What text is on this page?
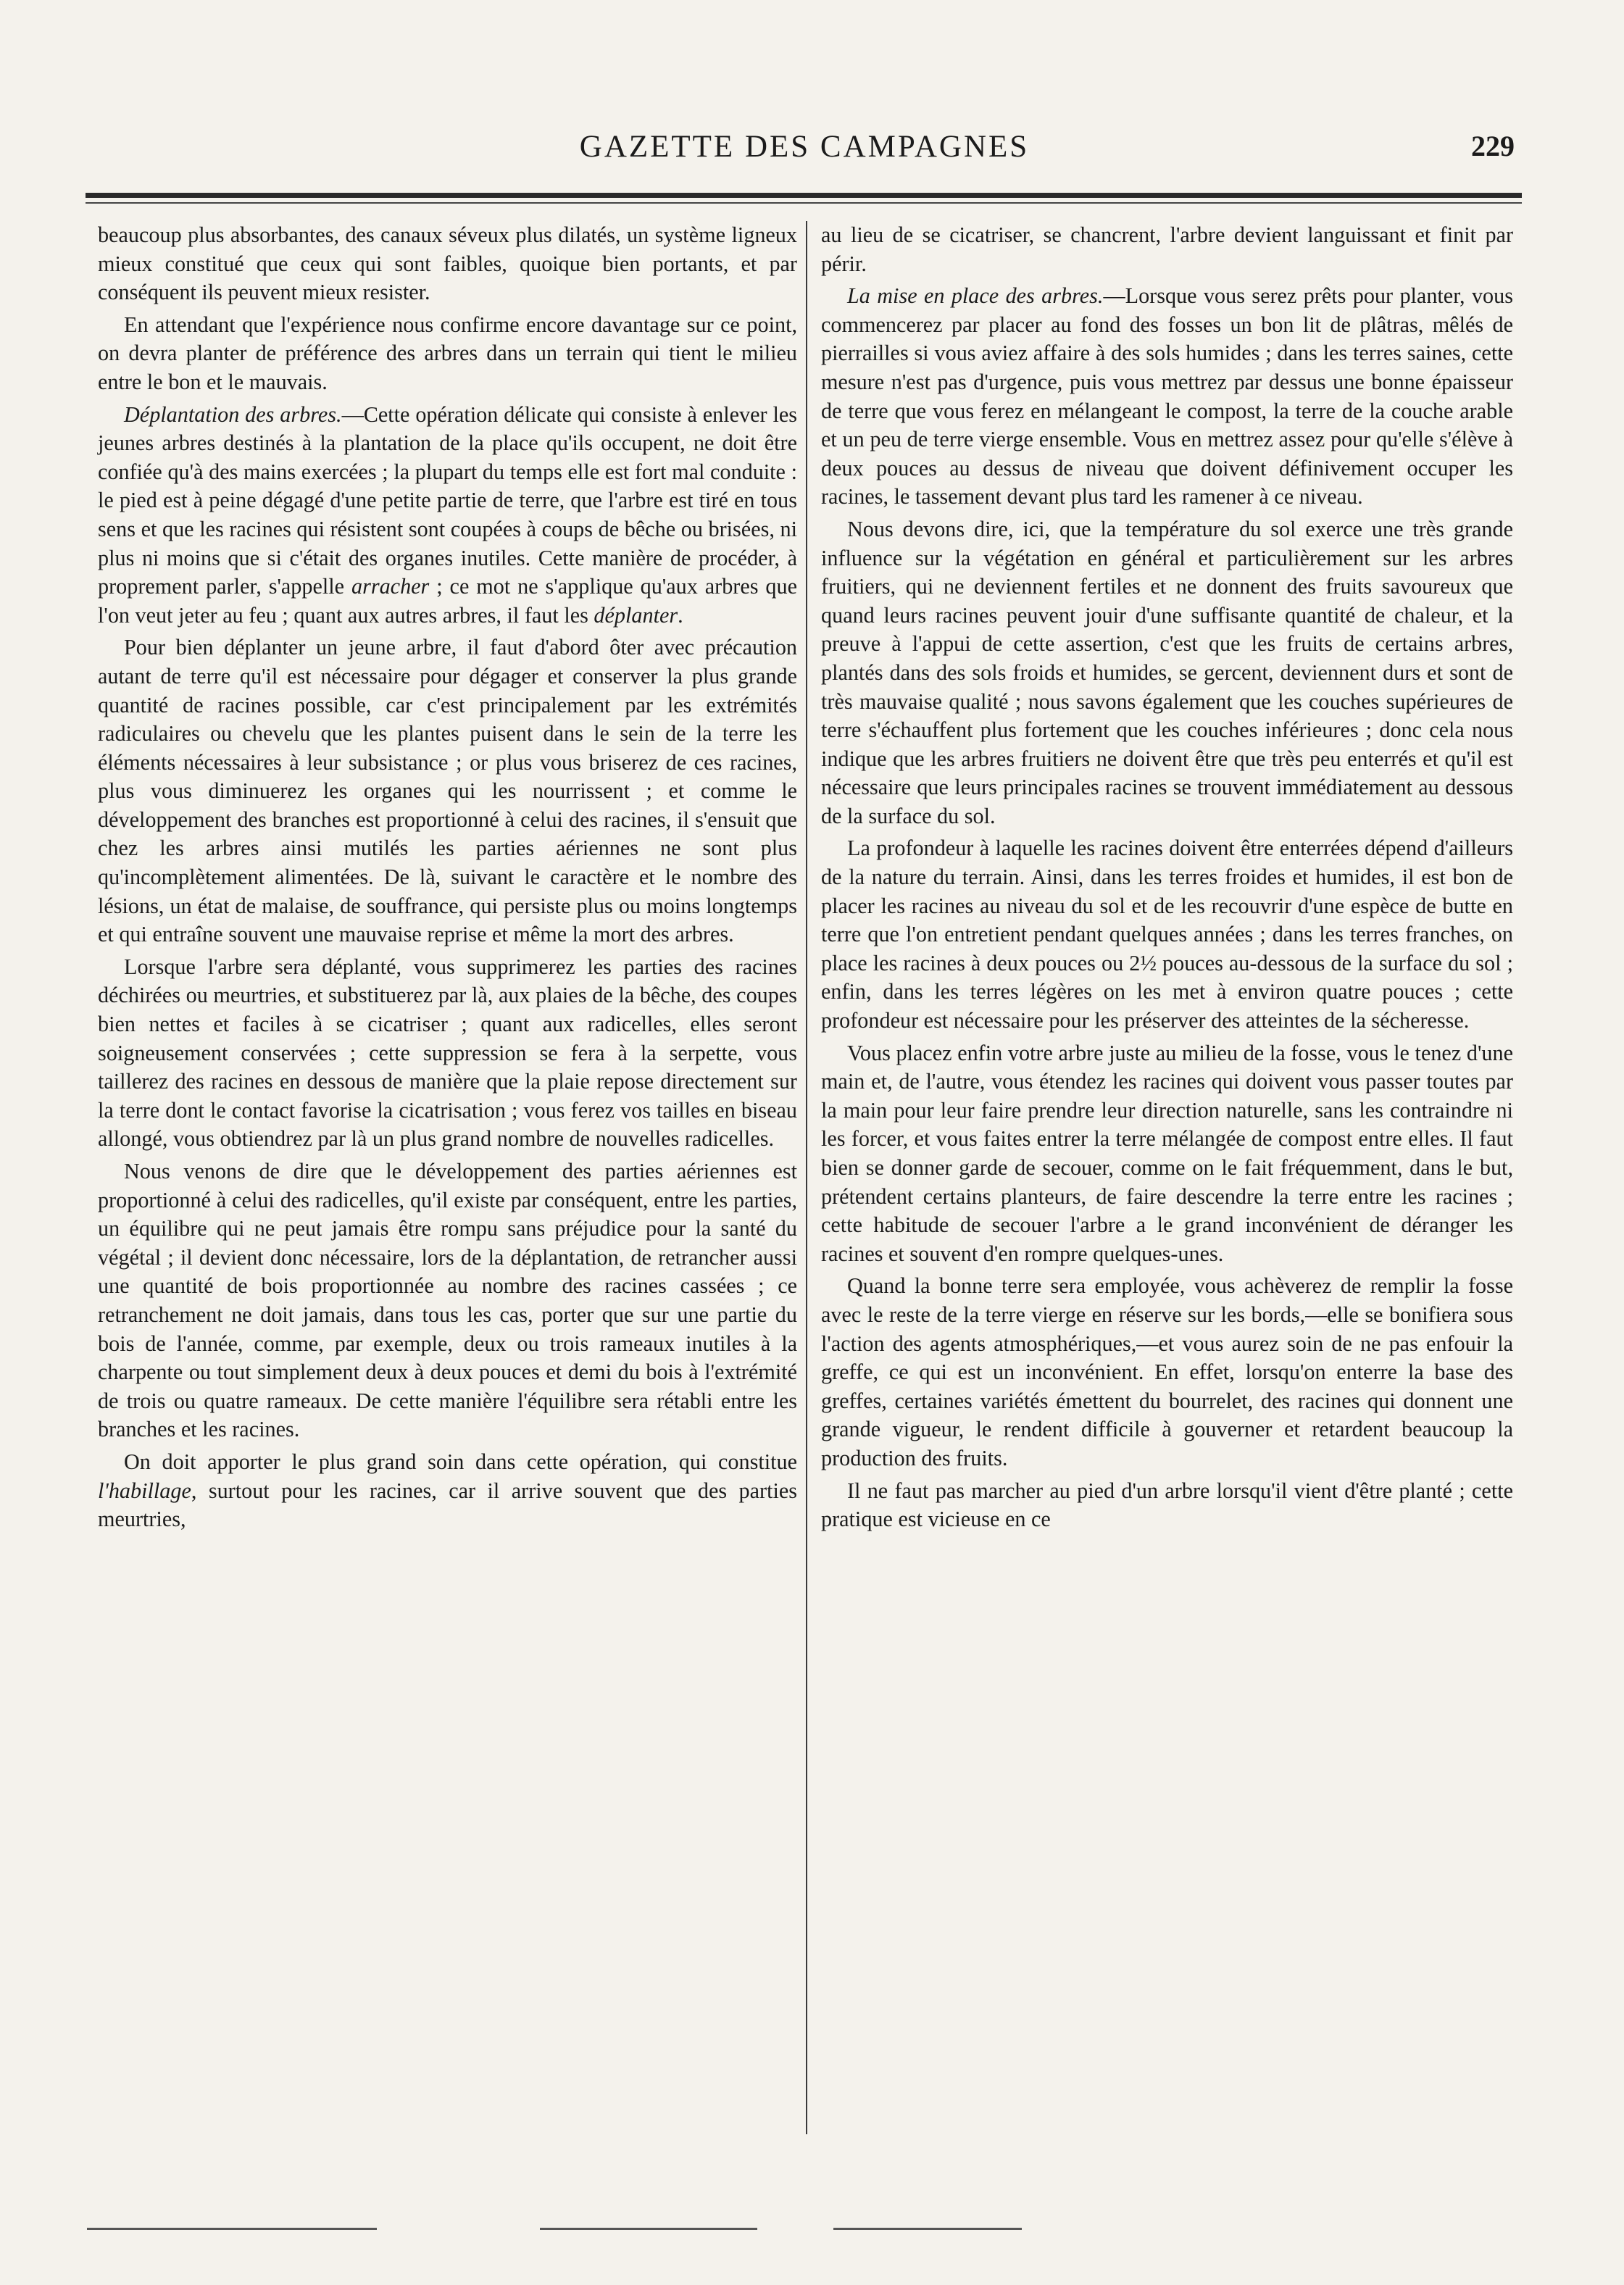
GAZETTE DES CAMPAGNES	229

beaucoup plus absorbantes, des canaux séveux plus dilatés, un système ligneux mieux constitué que ceux qui sont faibles, quoique bien portants, et par conséquent ils peuvent mieux resister.

En attendant que l'expérience nous confirme encore davantage sur ce point, on devra planter de préférence des arbres dans un terrain qui tient le milieu entre le bon et le mauvais.

Déplantation des arbres.—Cette opération délicate qui consiste à enlever les jeunes arbres destinés à la plantation de la place qu'ils occupent, ne doit être confiée qu'à des mains exercées ; la plupart du temps elle est fort mal conduite : le pied est à peine dégagé d'une petite partie de terre, que l'arbre est tiré en tous sens et que les racines qui résistent sont coupées à coups de bêche ou brisées, ni plus ni moins que si c'était des organes inutiles. Cette manière de procéder, à proprement parler, s'appelle arracher ; ce mot ne s'applique qu'aux arbres que l'on veut jeter au feu ; quant aux autres arbres, il faut les déplanter.

Pour bien déplanter un jeune arbre, il faut d'abord ôter avec précaution autant de terre qu'il est nécessaire pour dégager et conserver la plus grande quantité de racines possible, car c'est principalement par les extrémités radiculaires ou chevelu que les plantes puisent dans le sein de la terre les éléments nécessaires à leur subsistance ; or plus vous briserez de ces racines, plus vous diminuerez les organes qui les nourrissent ; et comme le développement des branches est proportionné à celui des racines, il s'ensuit que chez les arbres ainsi mutilés les parties aériennes ne sont plus qu'incomplètement alimentées. De là, suivant le caractère et le nombre des lésions, un état de malaise, de souffrance, qui persiste plus ou moins longtemps et qui entraîne souvent une mauvaise reprise et même la mort des arbres.

Lorsque l'arbre sera déplanté, vous supprimerez les parties des racines déchirées ou meurtries, et substituerez par là, aux plaies de la bêche, des coupes bien nettes et faciles à se cicatriser ; quant aux radicelles, elles seront soigneusement conservées ; cette suppression se fera à la serpette, vous taillerez des racines en dessous de manière que la plaie repose directement sur la terre dont le contact favorise la cicatrisation ; vous ferez vos tailles en biseau allongé, vous obtiendrez par là un plus grand nombre de nouvelles radicelles.

Nous venons de dire que le développement des parties aériennes est proportionné à celui des radicelles, qu'il existe par conséquent, entre les parties, un équilibre qui ne peut jamais être rompu sans préjudice pour la santé du végétal ; il devient donc nécessaire, lors de la déplantation, de retrancher aussi une quantité de bois proportionnée au nombre des racines cassées ; ce retranchement ne doit jamais, dans tous les cas, porter que sur une partie du bois de l'année, comme, par exemple, deux ou trois rameaux inutiles à la charpente ou tout simplement deux à deux pouces et demi du bois à l'extrémité de trois ou quatre rameaux. De cette manière l'équilibre sera rétabli entre les branches et les racines.

On doit apporter le plus grand soin dans cette opération, qui constitue l'habillage, surtout pour les racines, car il arrive souvent que des parties meurtries,

au lieu de se cicatriser, se chancrent, l'arbre devient languissant et finit par périr.

La mise en place des arbres.—Lorsque vous serez prêts pour planter, vous commencerez par placer au fond des fosses un bon lit de plâtras, mêlés de pierrailles si vous aviez affaire à des sols humides ; dans les terres saines, cette mesure n'est pas d'urgence, puis vous mettrez par dessus une bonne épaisseur de terre que vous ferez en mélangeant le compost, la terre de la couche arable et un peu de terre vierge ensemble. Vous en mettrez assez pour qu'elle s'élève à deux pouces au dessus de niveau que doivent définivement occuper les racines, le tassement devant plus tard les ramener à ce niveau.

Nous devons dire, ici, que la température du sol exerce une très grande influence sur la végétation en général et particulièrement sur les arbres fruitiers, qui ne deviennent fertiles et ne donnent des fruits savoureux que quand leurs racines peuvent jouir d'une suffisante quantité de chaleur, et la preuve à l'appui de cette assertion, c'est que les fruits de certains arbres, plantés dans des sols froids et humides, se gercent, deviennent durs et sont de très mauvaise qualité ; nous savons également que les couches supérieures de terre s'échauffent plus fortement que les couches inférieures ; donc cela nous indique que les arbres fruitiers ne doivent être que très peu enterrés et qu'il est nécessaire que leurs principales racines se trouvent immédiatement au dessous de la surface du sol.

La profondeur à laquelle les racines doivent être enterrées dépend d'ailleurs de la nature du terrain. Ainsi, dans les terres froides et humides, il est bon de placer les racines au niveau du sol et de les recouvrir d'une espèce de butte en terre que l'on entretient pendant quelques années ; dans les terres franches, on place les racines à deux pouces ou 2½ pouces au-dessous de la surface du sol ; enfin, dans les terres légères on les met à environ quatre pouces ; cette profondeur est nécessaire pour les préserver des atteintes de la sécheresse.

Vous placez enfin votre arbre juste au milieu de la fosse, vous le tenez d'une main et, de l'autre, vous étendez les racines qui doivent vous passer toutes par la main pour leur faire prendre leur direction naturelle, sans les contraindre ni les forcer, et vous faites entrer la terre mélangée de compost entre elles. Il faut bien se donner garde de secouer, comme on le fait fréquemment, dans le but, prétendent certains planteurs, de faire descendre la terre entre les racines ; cette habitude de secouer l'arbre a le grand inconvénient de déranger les racines et souvent d'en rompre quelques-unes.

Quand la bonne terre sera employée, vous achèverez de remplir la fosse avec le reste de la terre vierge en réserve sur les bords,—elle se bonifiera sous l'action des agents atmosphériques,—et vous aurez soin de ne pas enfouir la greffe, ce qui est un inconvénient. En effet, lorsqu'on enterre la base des greffes, certaines variétés émettent du bourrelet, des racines qui donnent une grande vigueur, le rendent difficile à gouverner et retardent beaucoup la production des fruits.

Il ne faut pas marcher au pied d'un arbre lorsqu'il vient d'être planté ; cette pratique est vicieuse en ce
